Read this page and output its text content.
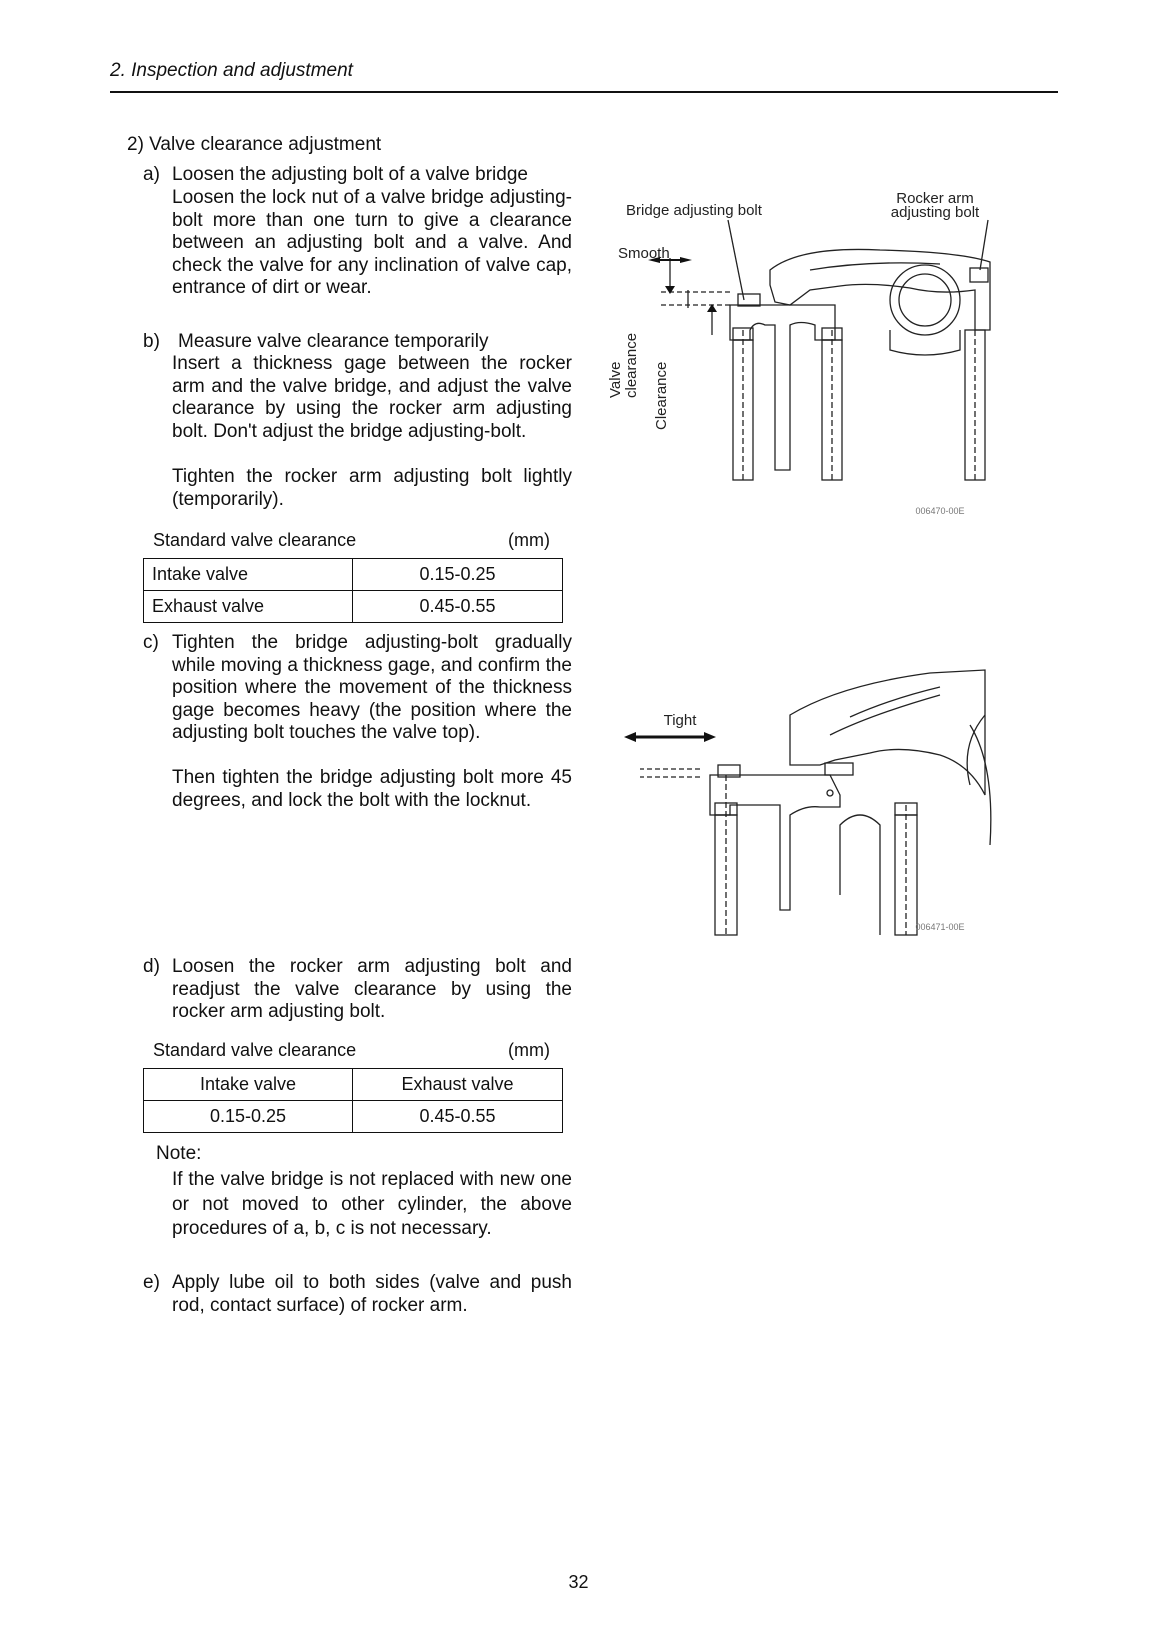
2. Inspection and adjustment
2) Valve clearance adjustment
a) Loosen the adjusting bolt of a valve bridge
Loosen the lock nut of a valve bridge adjusting-bolt more than one turn to give a clearance between an adjusting bolt and a valve. And check the valve for any inclination of valve cap, entrance of dirt or wear.
b) Measure valve clearance temporarily
Insert a thickness gage between the rocker arm and the valve bridge, and adjust the valve clearance by using the rocker arm adjusting bolt. Don't adjust the bridge adjusting-bolt.
Tighten the rocker arm adjusting bolt lightly (temporarily).
Standard valve clearance	(mm)
Intake valve	0.15-0.25
Exhaust valve	0.45-0.55
c) Tighten the bridge adjusting-bolt gradually while moving a thickness gage, and confirm the position where the movement of the thickness gage becomes heavy (the position where the adjusting bolt touches the valve top).
Then tighten the bridge adjusting bolt more 45 degrees, and lock the bolt with the locknut.
d) Loosen the rocker arm adjusting bolt and readjust the valve clearance by using the rocker arm adjusting bolt.
Standard valve clearance	(mm)
Intake valve	Exhaust valve
0.15-0.25	0.45-0.55
Note:
If the valve bridge is not replaced with new one or not moved to other cylinder, the above procedures of a, b, c is not necessary.
e) Apply lube oil to both sides (valve and push rod, contact surface) of rocker arm.
Bridge adjusting bolt
Rocker arm
adjusting bolt
Smooth
Valve clearance Clearance
006470-00E
Tight
006471-00E
32
